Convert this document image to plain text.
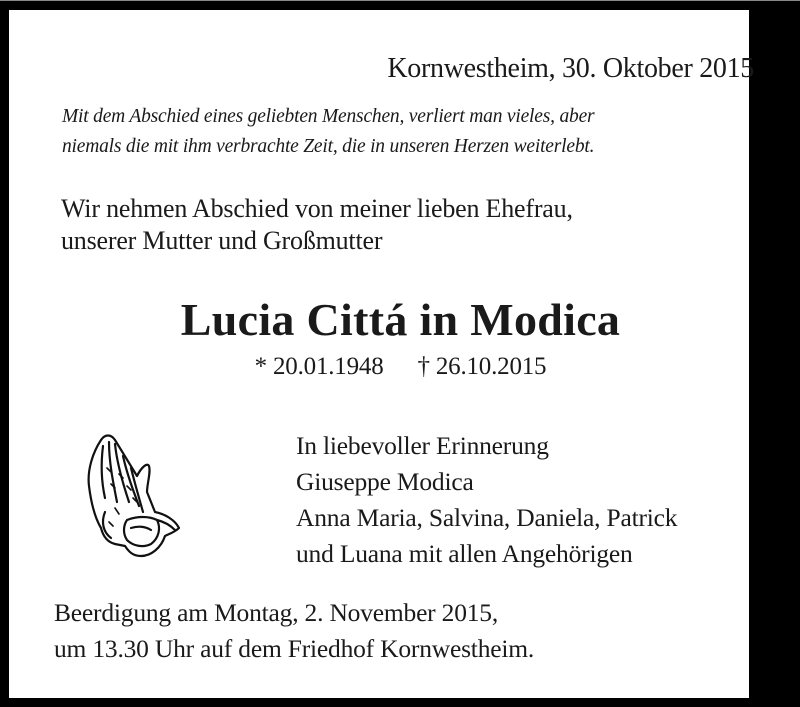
Kornwestheim, 30. Oktober 2015
Mit dem Abschied eines geliebten Menschen, verliert man vieles, aber
niemals die mit ihm verbrachte Zeit, die in unseren Herzen weiterlebt.
Wir nehmen Abschied von meiner lieben Ehefrau,
unserer Mutter und Großmutter
Lucia Cittá in Modica
* 20.01.1948 † 26.10.2015
In liebevoller Erinnerung
Giuseppe Modica
Anna Maria, Salvina, Daniela, Patrick
und Luana mit allen Angehörigen
Beerdigung am Montag, 2. November 2015,
um 13.30 Uhr auf dem Friedhof Kornwestheim.
